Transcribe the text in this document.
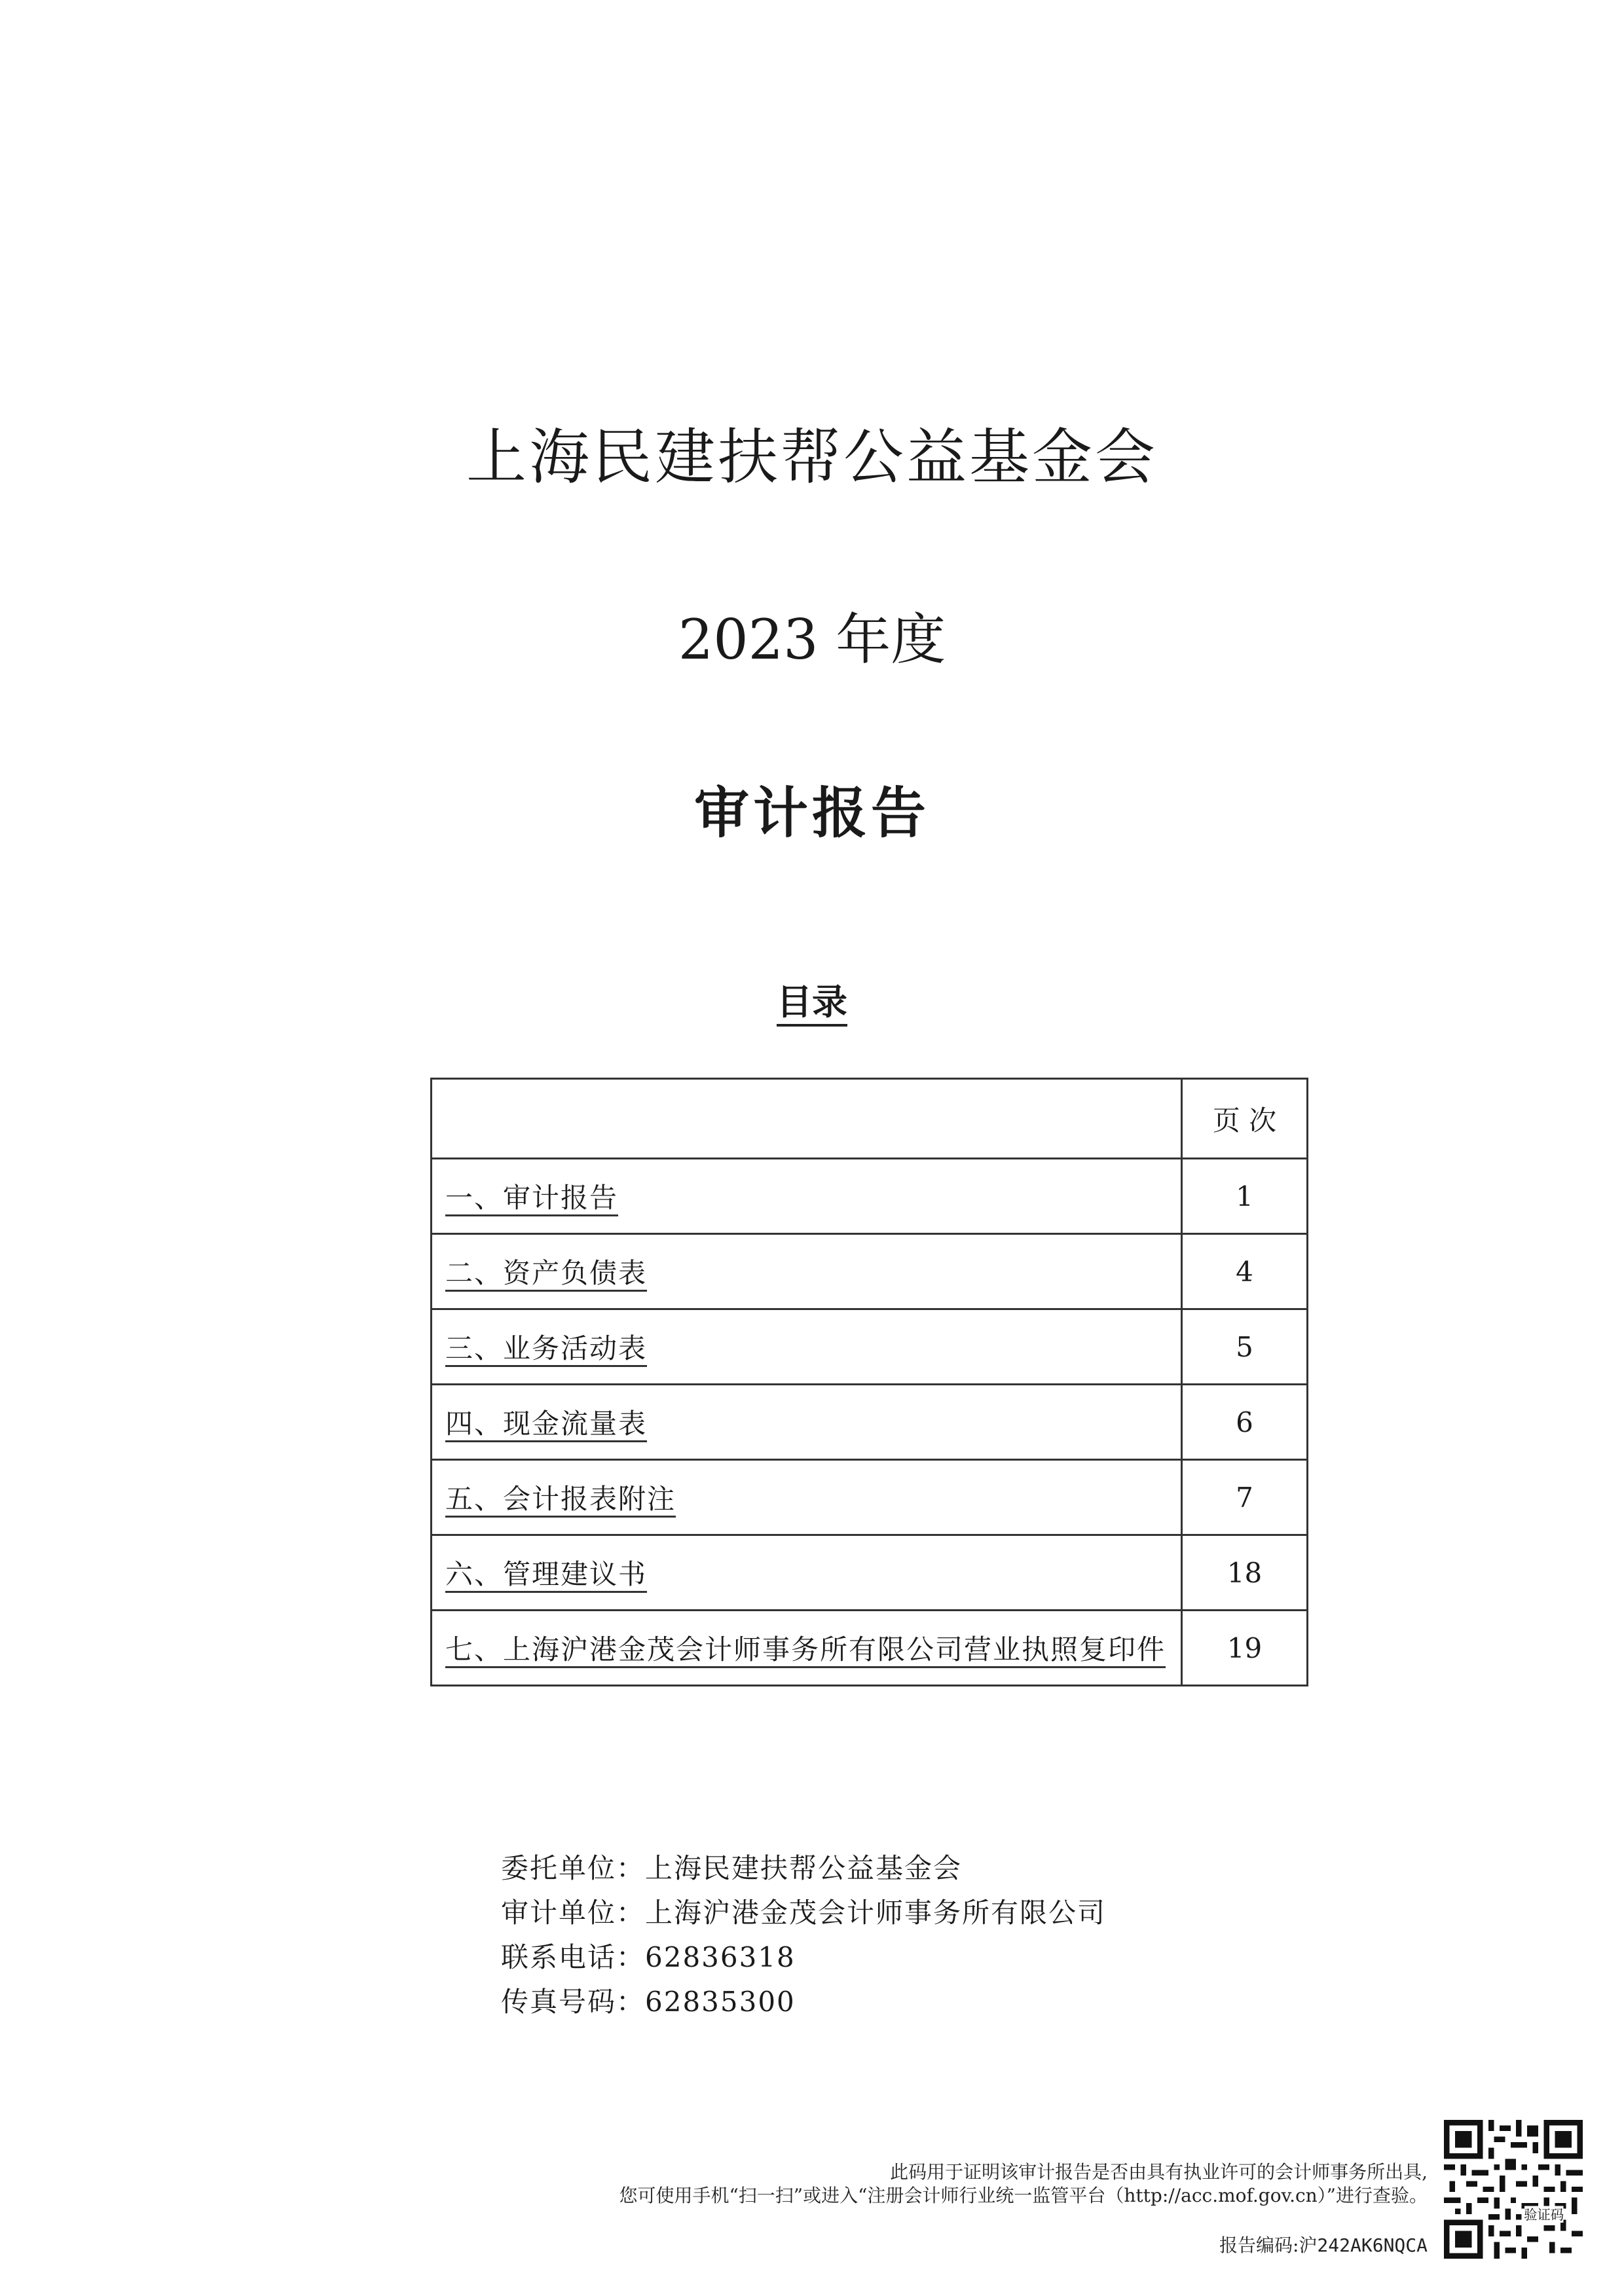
上海民建扶帮公益基金会
2023 年度
审计报告
目录
	页 次
一、审计报告	1
二、资产负债表	4
三、业务活动表	5
四、现金流量表	6
五、会计报表附注	7
六、管理建议书	18
七、上海沪港金茂会计师事务所有限公司营业执照复印件	19
委托单位：上海民建扶帮公益基金会
审计单位：上海沪港金茂会计师事务所有限公司
联系电话：62836318
传真号码：62835300
此码用于证明该审计报告是否由具有执业许可的会计师事务所出具,
您可使用手机“扫一扫”或进入“注册会计师行业统一监管平台（http://acc.mof.gov.cn）”进行查验。
报告编码:沪242AK6NQCA
验证码
